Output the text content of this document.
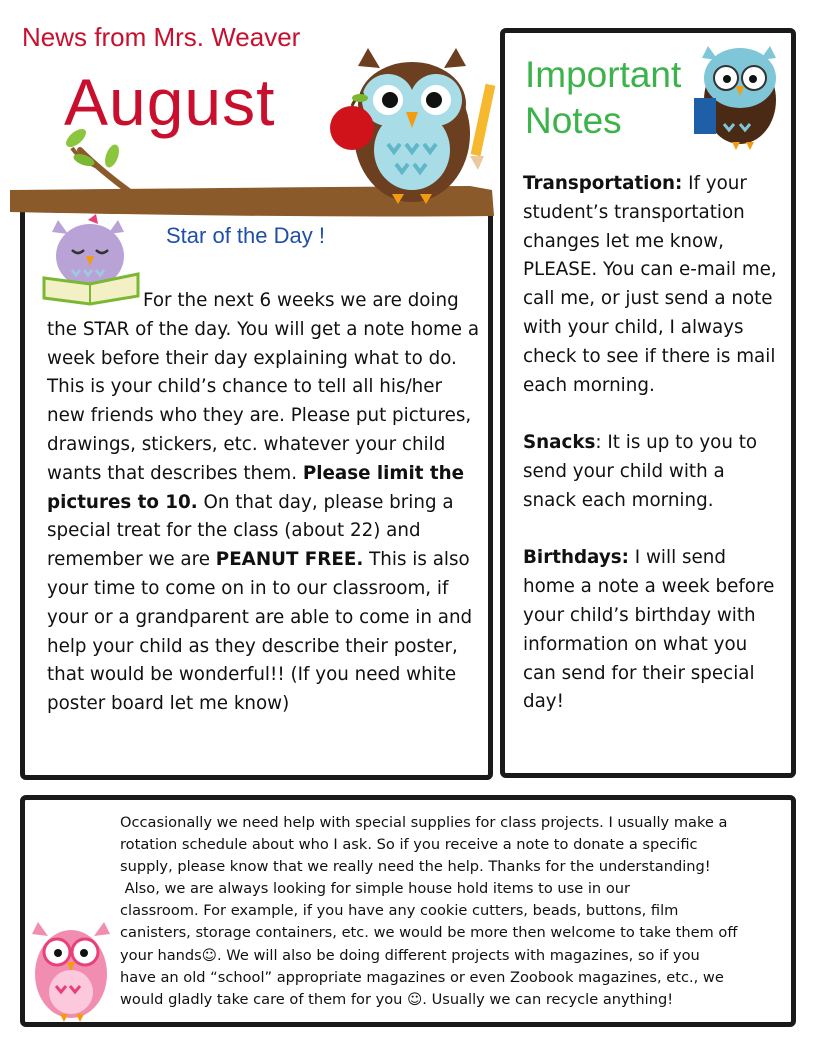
News from Mrs. Weaver
August	Important
Notes
Star of the Day !
For the next 6 weeks we are doing the STAR of the day. You will get a note home a week before their day explaining what to do. This is your child’s chance to tell all his/her new friends who they are. Please put pictures, drawings, stickers, etc. whatever your child wants that describes them. Please limit the pictures to 10. On that day, please bring a special treat for the class (about 22) and remember we are PEANUT FREE. This is also your time to come on in to our classroom, if your or a grandparent are able to come in and help your child as they describe their poster, that would be wonderful!! (If you need white poster board let me know)

Transportation: If your student’s transportation changes let me know, PLEASE. You can e-mail me, call me, or just send a note with your child, I always check to see if there is mail each morning.

Snacks: It is up to you to send your child with a snack each morning.

Birthdays: I will send home a note a week before your child’s birthday with information on what you can send for their special day!

Occasionally we need help with special supplies for class projects. I usually make a
rotation schedule about who I ask. So if you receive a note to donate a specific
supply, please know that we really need the help. Thanks for the understanding!
Also, we are always looking for simple house hold items to use in our
classroom. For example, if you have any cookie cutters, beads, buttons, film
canisters, storage containers, etc. we would be more then welcome to take them off
your hands☺. We will also be doing different projects with magazines, so if you
have an old “school” appropriate magazines or even Zoobook magazines, etc., we
would gladly take care of them for you ☺. Usually we can recycle anything!
